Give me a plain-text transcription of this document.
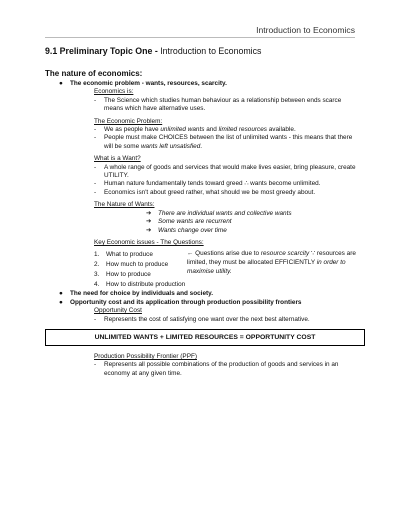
Introduction to Economics
9.1 Preliminary Topic One - Introduction to Economics
The nature of economics:
● The economic problem - wants, resources, scarcity.
Economics is:
- The Science which studies human behaviour as a relationship between ends scarce
means which have alternative uses.
The Economic Problem:
- We as people have unlimited wants and limited resources available.
- People must make CHOICES between the list of unlimited wants - this means that there
will be some wants left unsatisfied.
What is a Want?
- A whole range of goods and services that would make lives easier, bring pleasure, create
UTILITY.
- Human nature fundamentally tends toward greed ∴ wants become unlimited.
- Economics isn't about greed rather, what should we be most greedy about.
The Nature of Wants:
➔ There are individual wants and collective wants
➔ Some wants are recurrent
➔ Wants change over time
Key Economic issues - The Questions:
1. What to produce
2. How much to produce
3. How to produce
4. How to distribute production
← Questions arise due to resource scarcity ∵ resources are limited, they must be allocated EFFICIENTLY in order to maximise utility.
● The need for choice by individuals and society.
● Opportunity cost and its application through production possibility frontiers
Opportunity Cost
- Represents the cost of satisfying one want over the next best alternative.
UNLIMITED WANTS + LIMITED RESOURCES = OPPORTUNITY COST
Production Possibility Frontier (PPF)
- Represents all possible combinations of the production of goods and services in an
economy at any given time.
